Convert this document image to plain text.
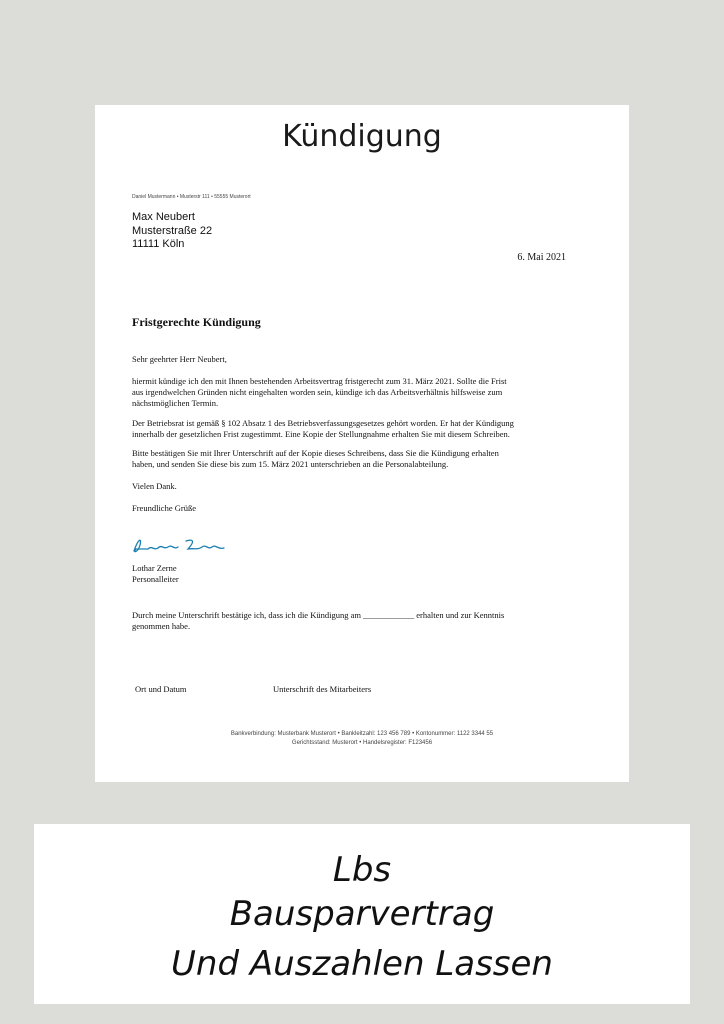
Kündigung
Daniel Mustermann • Musterstr 111 • 55555 Musterort
Max Neubert
Musterstraße 22
11111 Köln
6. Mai 2021
Fristgerechte Kündigung

Sehr geehrter Herr Neubert,

hiermit kündige ich den mit Ihnen bestehenden Arbeitsvertrag fristgerecht zum 31. März 2021. Sollte die Frist
aus irgendwelchen Gründen nicht eingehalten worden sein, kündige ich das Arbeitsverhältnis hilfsweise zum
nächstmöglichen Termin.

Der Betriebsrat ist gemäß § 102 Absatz 1 des Betriebsverfassungsgesetzes gehört worden. Er hat der Kündigung
innerhalb der gesetzlichen Frist zugestimmt. Eine Kopie der Stellungnahme erhalten Sie mit diesem Schreiben.

Bitte bestätigen Sie mit Ihrer Unterschrift auf der Kopie dieses Schreibens, dass Sie die Kündigung erhalten
haben, und senden Sie diese bis zum 15. März 2021 unterschrieben an die Personalabteilung.

Vielen Dank.

Freundliche Grüße

Lothar Zerne
Personalleiter
Durch meine Unterschrift bestätige ich, dass ich die Kündigung am ____________ erhalten und zur Kenntnis
genommen habe.
Ort und Datum	Unterschrift des Mitarbeiters
Bankverbindung: Musterbank Musterort • Bankleitzahl: 123 456 789 • Kontonummer: 1122 3344 55
Gerichtsstand: Musterort • Handelsregister: F123456
Lbs
Bausparvertrag
Und Auszahlen Lassen
